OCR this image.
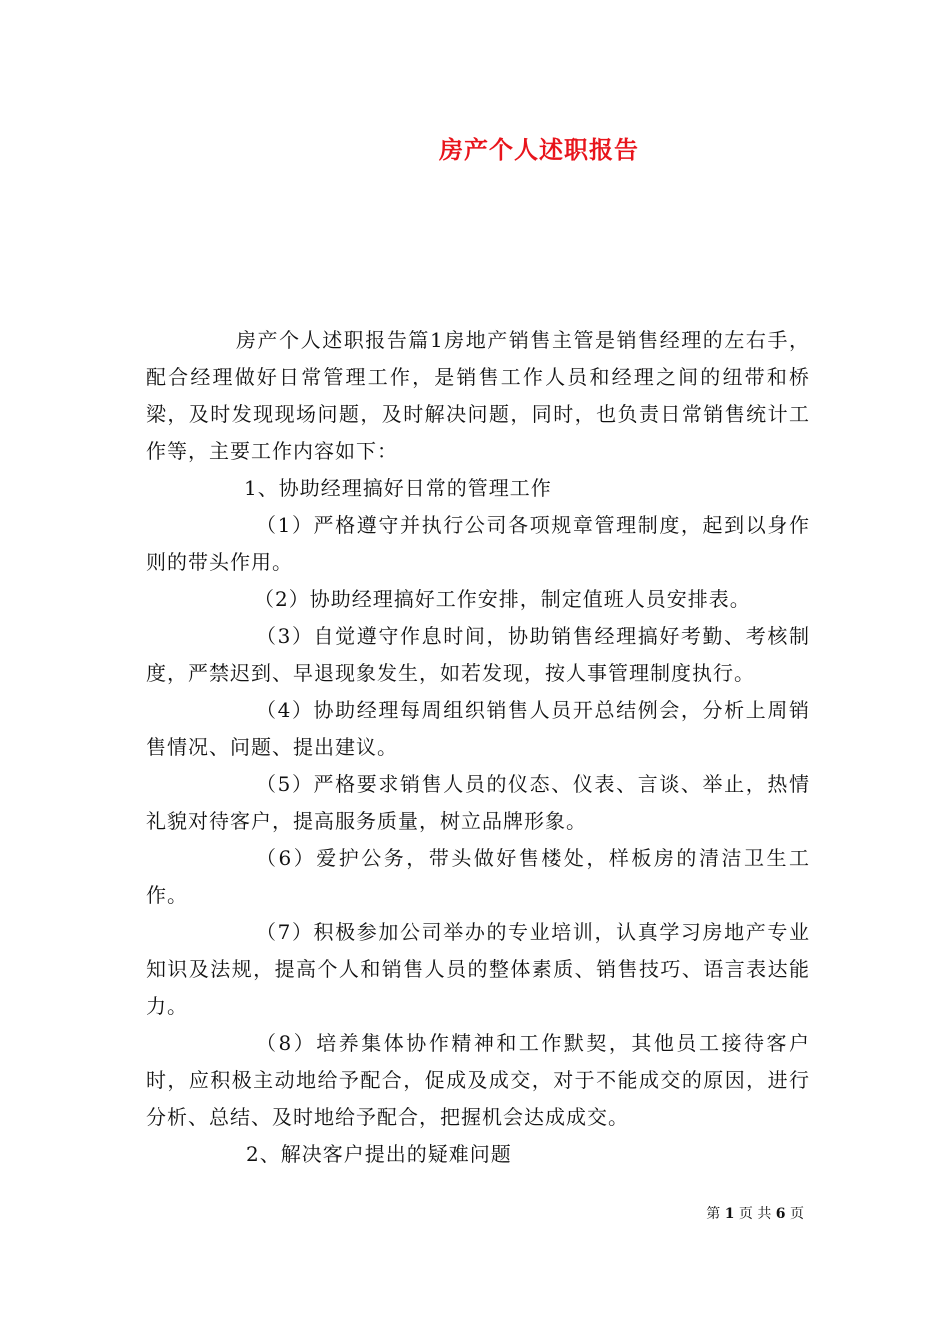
房产个人述职报告

房产个人述职报告篇1房地产销售主管是销售经理的左右手，配合经理做好日常管理工作，是销售工作人员和经理之间的纽带和桥梁，及时发现现场问题，及时解决问题，同时，也负责日常销售统计工作等，主要工作内容如下：

1、协助经理搞好日常的管理工作

（1）严格遵守并执行公司各项规章管理制度，起到以身作则的带头作用。

（2）协助经理搞好工作安排，制定值班人员安排表。

（3）自觉遵守作息时间，协助销售经理搞好考勤、考核制度，严禁迟到、早退现象发生，如若发现，按人事管理制度执行。

（4）协助经理每周组织销售人员开总结例会，分析上周销售情况、问题、提出建议。

（5）严格要求销售人员的仪态、仪表、言谈、举止，热情礼貌对待客户，提高服务质量，树立品牌形象。

（6）爱护公务，带头做好售楼处，样板房的清洁卫生工作。

（7）积极参加公司举办的专业培训，认真学习房地产专业知识及法规，提高个人和销售人员的整体素质、销售技巧、语言表达能力。

（8）培养集体协作精神和工作默契，其他员工接待客户时，应积极主动地给予配合，促成及成交，对于不能成交的原因，进行分析、总结、及时地给予配合，把握机会达成成交。

2、解决客户提出的疑难问题

第 1 页 共 6 页
